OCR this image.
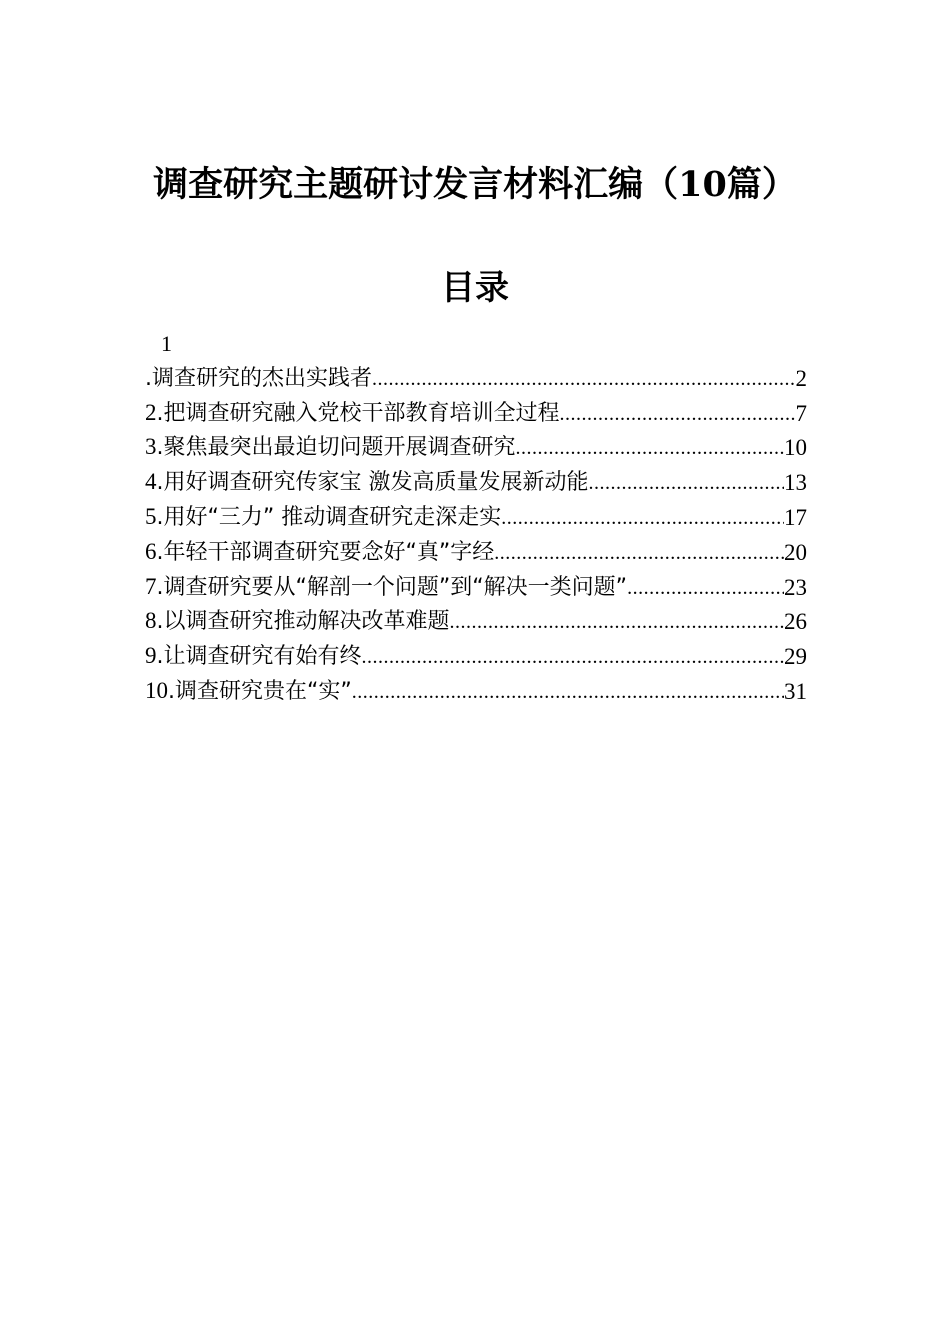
调查研究主题研讨发言材料汇编（10篇）
目录
1
.调查研究的杰出实践者 .....	2
2.把调查研究融入党校干部教育培训全过程 .....	7
3.聚焦最突出最迫切问题开展调查研究 .....	10
4.用好调查研究传家宝 激发高质量发展新动能 .....	13
5.用好“三力” 推动调查研究走深走实 .....	17
6.年轻干部调查研究要念好“真”字经 .....	20
7.调查研究要从“解剖一个问题”到“解决一类问题” .....	23
8.以调查研究推动解决改革难题 .....	26
9.让调查研究有始有终 .....	29
10.调查研究贵在“实” .....	31
